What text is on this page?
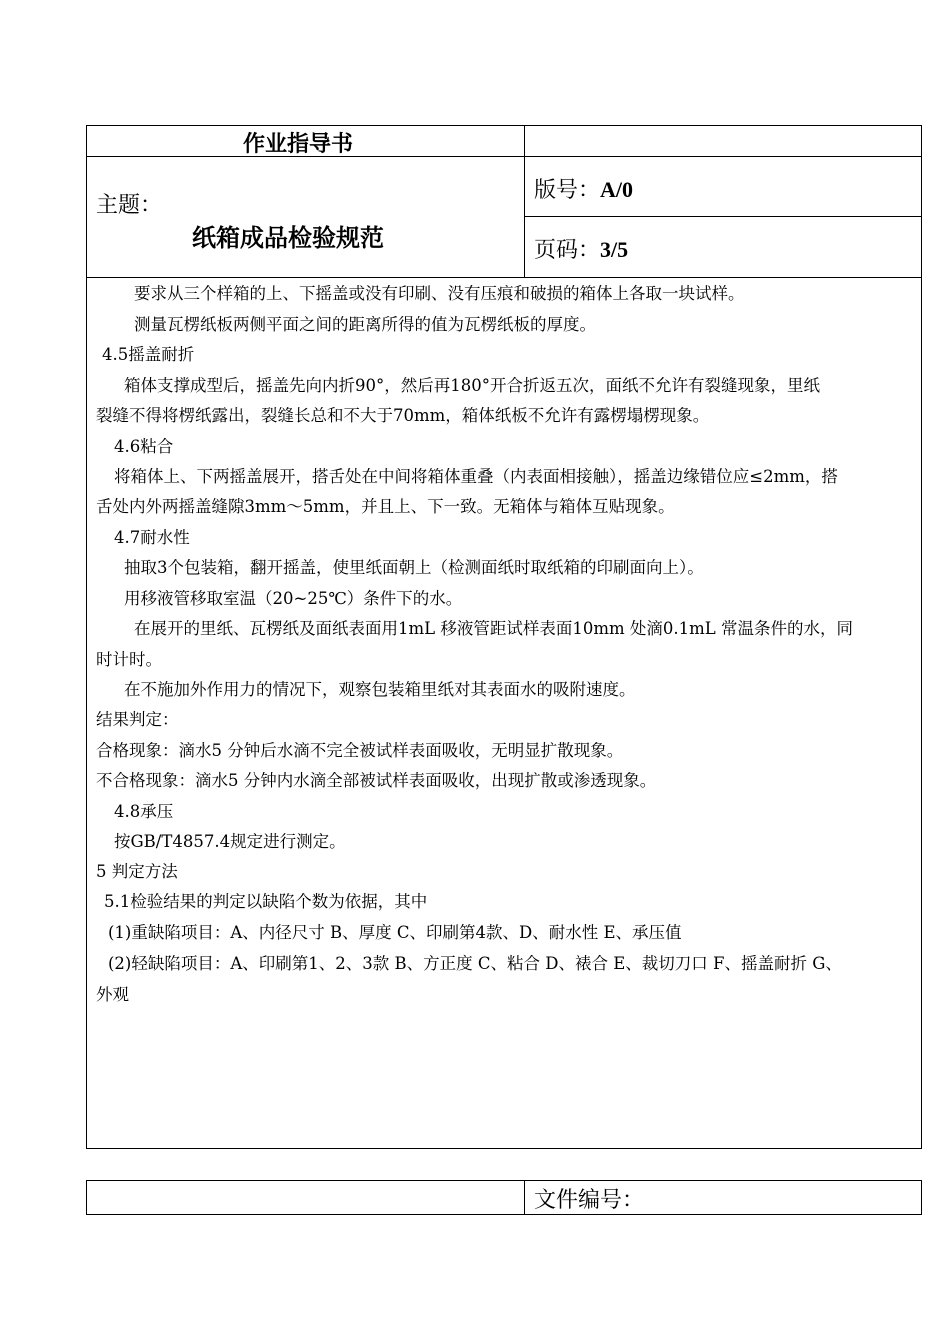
作业指导书
主题：
纸箱成品检验规范
版号：A/0
页码：3/5
要求从三个样箱的上、下摇盖或没有印刷、没有压痕和破损的箱体上各取一块试样。
测量瓦楞纸板两侧平面之间的距离所得的值为瓦楞纸板的厚度。
4.5摇盖耐折
箱体支撑成型后，摇盖先向内折90°，然后再180°开合折返五次，面纸不允许有裂缝现象，里纸
裂缝不得将楞纸露出，裂缝长总和不大于70mm，箱体纸板不允许有露楞塌楞现象。
4.6粘合
将箱体上、下两摇盖展开，搭舌处在中间将箱体重叠（内表面相接触），摇盖边缘错位应≤2mm，搭
舌处内外两摇盖缝隙3mm～5mm，并且上、下一致。无箱体与箱体互贴现象。
4.7耐水性
抽取3个包装箱，翻开摇盖，使里纸面朝上（检测面纸时取纸箱的印刷面向上）。
用移液管移取室温（20~25℃）条件下的水。
在展开的里纸、瓦楞纸及面纸表面用1mL 移液管距试样表面10mm 处滴0.1mL 常温条件的水，同
时计时。
在不施加外作用力的情况下，观察包装箱里纸对其表面水的吸附速度。
结果判定：
合格现象：滴水5 分钟后水滴不完全被试样表面吸收，无明显扩散现象。
不合格现象：滴水5 分钟内水滴全部被试样表面吸收，出现扩散或渗透现象。
4.8承压
按GB/T4857.4规定进行测定。
5 判定方法
5.1检验结果的判定以缺陷个数为依据，其中
(1)重缺陷项目：A、内径尺寸 B、厚度 C、印刷第4款、D、耐水性 E、承压值
(2)轻缺陷项目：A、印刷第1、2、3款 B、方正度 C、粘合 D、裱合 E、裁切刀口 F、摇盖耐折 G、
外观
文件编号：
